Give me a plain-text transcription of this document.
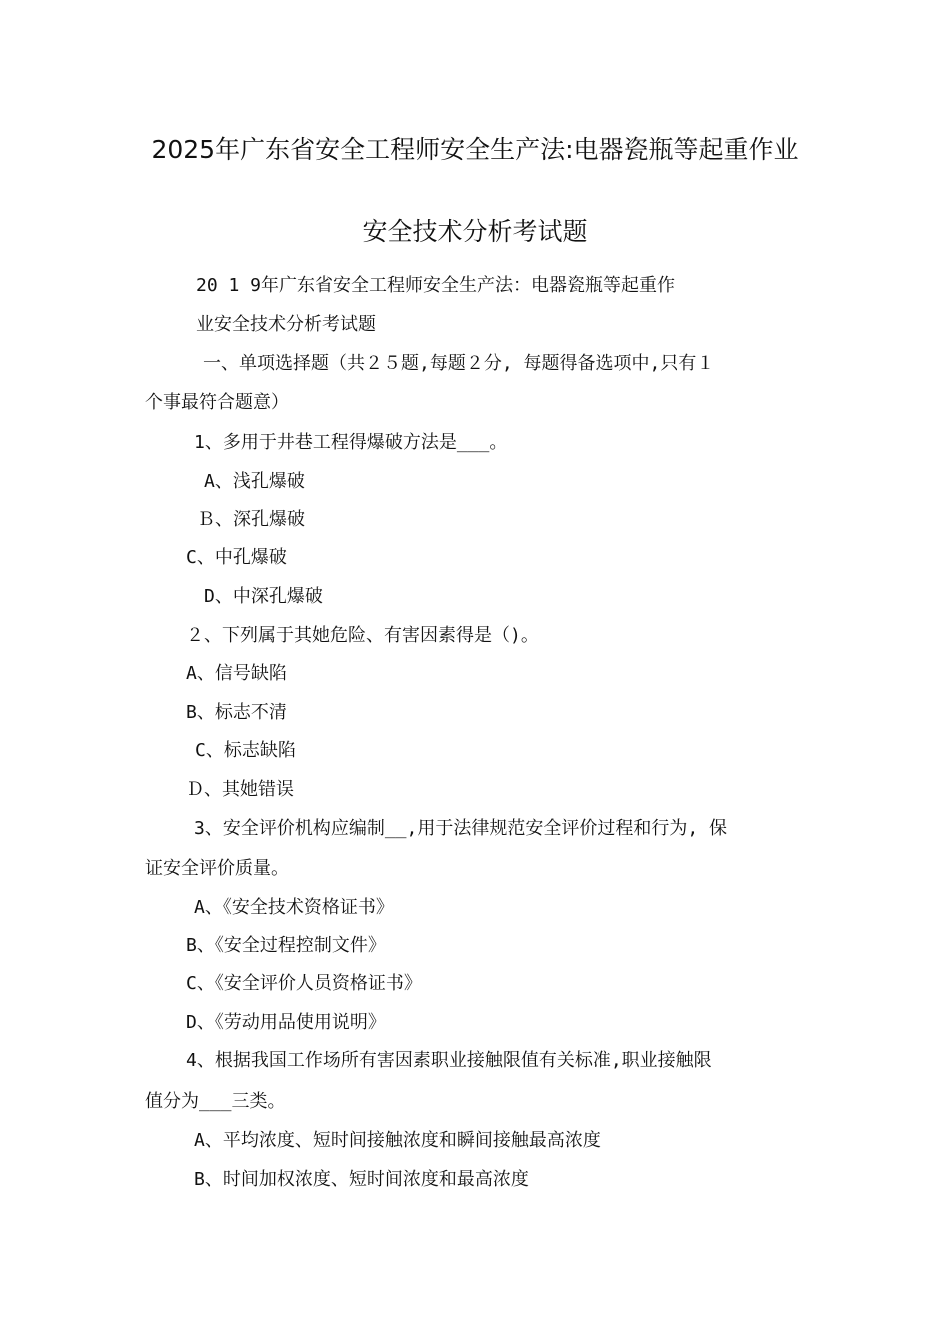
2025年广东省安全工程师安全生产法:电器瓷瓶等起重作业
安全技术分析考试题
20 1 9年广东省安全工程师安全生产法：电器瓷瓶等起重作
业安全技术分析考试题
一、单项选择题（共２５题,每题２分, 每题得备选项中,只有１
个事最符合题意）
1、多用于井巷工程得爆破方法是___。
A、浅孔爆破
Ｂ、深孔爆破
C、中孔爆破
D、中深孔爆破
２、下列属于其她危险、有害因素得是（)。
A、信号缺陷
B、标志不清
C、标志缺陷
Ｄ、其她错误
3、安全评价机构应编制__,用于法律规范安全评价过程和行为, 保
证安全评价质量。
A、《安全技术资格证书》
B、《安全过程控制文件》
C、《安全评价人员资格证书》
D、《劳动用品使用说明》
4、根据我国工作场所有害因素职业接触限值有关标准,职业接触限
值分为___三类。
A、平均浓度、短时间接触浓度和瞬间接触最高浓度
B、时间加权浓度、短时间浓度和最高浓度
